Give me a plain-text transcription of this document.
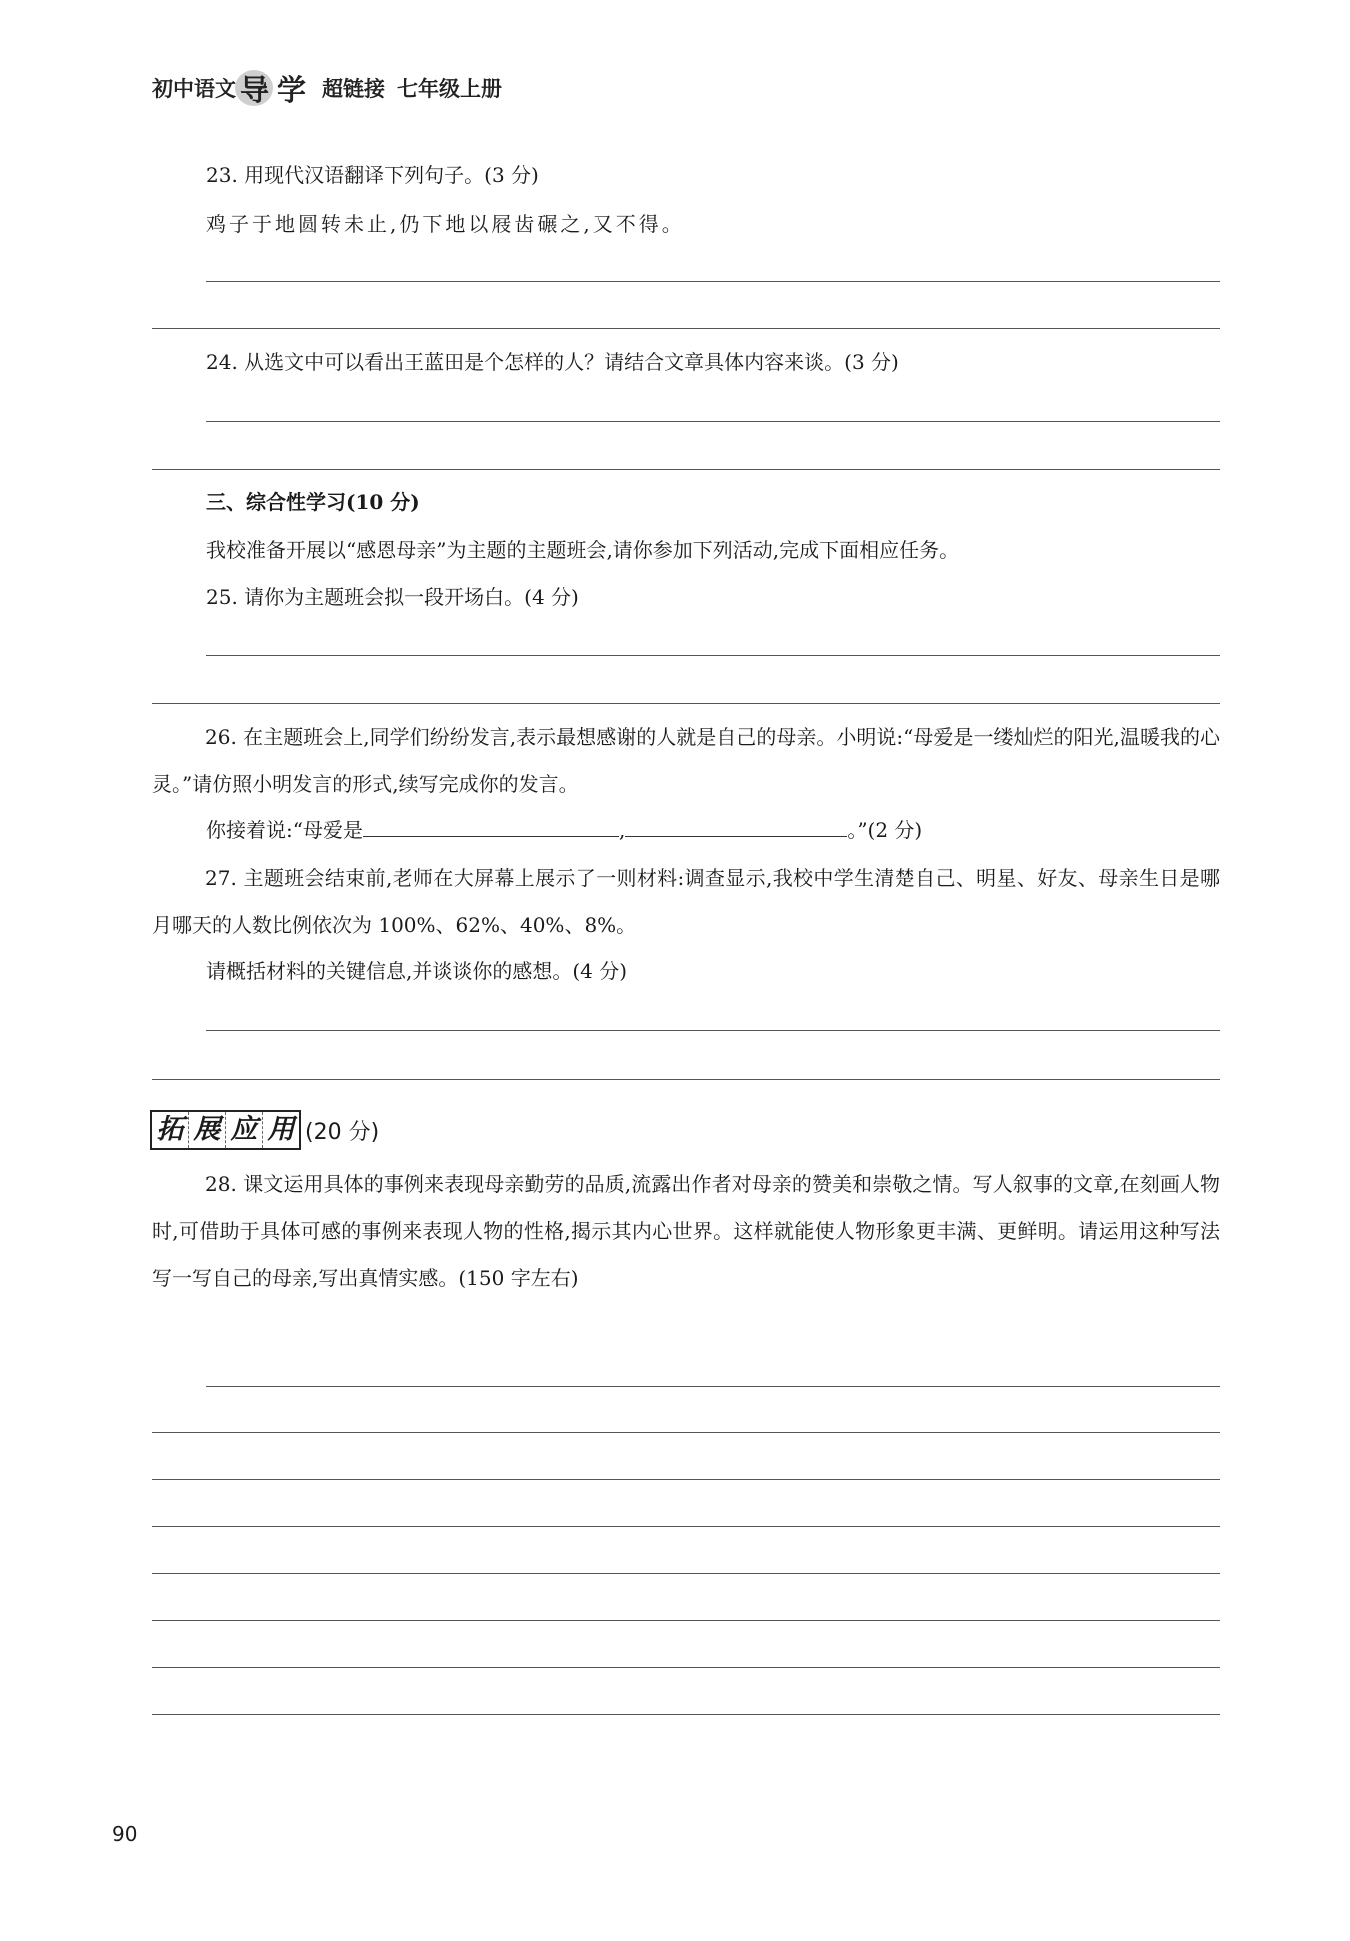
初中语文 导 学 超链接 七年级上册
23. 用现代汉语翻译下列句子。(3 分)
鸡子于地圆转未止,仍下地以屐齿碾之,又不得。
24. 从选文中可以看出王蓝田是个怎样的人？请结合文章具体内容来谈。(3 分)
三、综合性学习(10 分)
我校准备开展以“感恩母亲”为主题的主题班会,请你参加下列活动,完成下面相应任务。
25. 请你为主题班会拟一段开场白。(4 分)
26. 在主题班会上,同学们纷纷发言,表示最想感谢的人就是自己的母亲。小明说:“母爱是一缕灿烂的阳光,温暖我的心灵。”请仿照小明发言的形式,续写完成你的发言。
你接着说:“母爱是	,	。”(2 分)
27. 主题班会结束前,老师在大屏幕上展示了一则材料:调查显示,我校中学生清楚自己、明星、好友、母亲生日是哪月哪天的人数比例依次为 100%、62%、40%、8%。
请概括材料的关键信息,并谈谈你的感想。(4 分)
拓 展 应 用 (20 分)
28. 课文运用具体的事例来表现母亲勤劳的品质,流露出作者对母亲的赞美和崇敬之情。写人叙事的文章,在刻画人物时,可借助于具体可感的事例来表现人物的性格,揭示其内心世界。这样就能使人物形象更丰满、更鲜明。请运用这种写法写一写自己的母亲,写出真情实感。(150 字左右)
90
